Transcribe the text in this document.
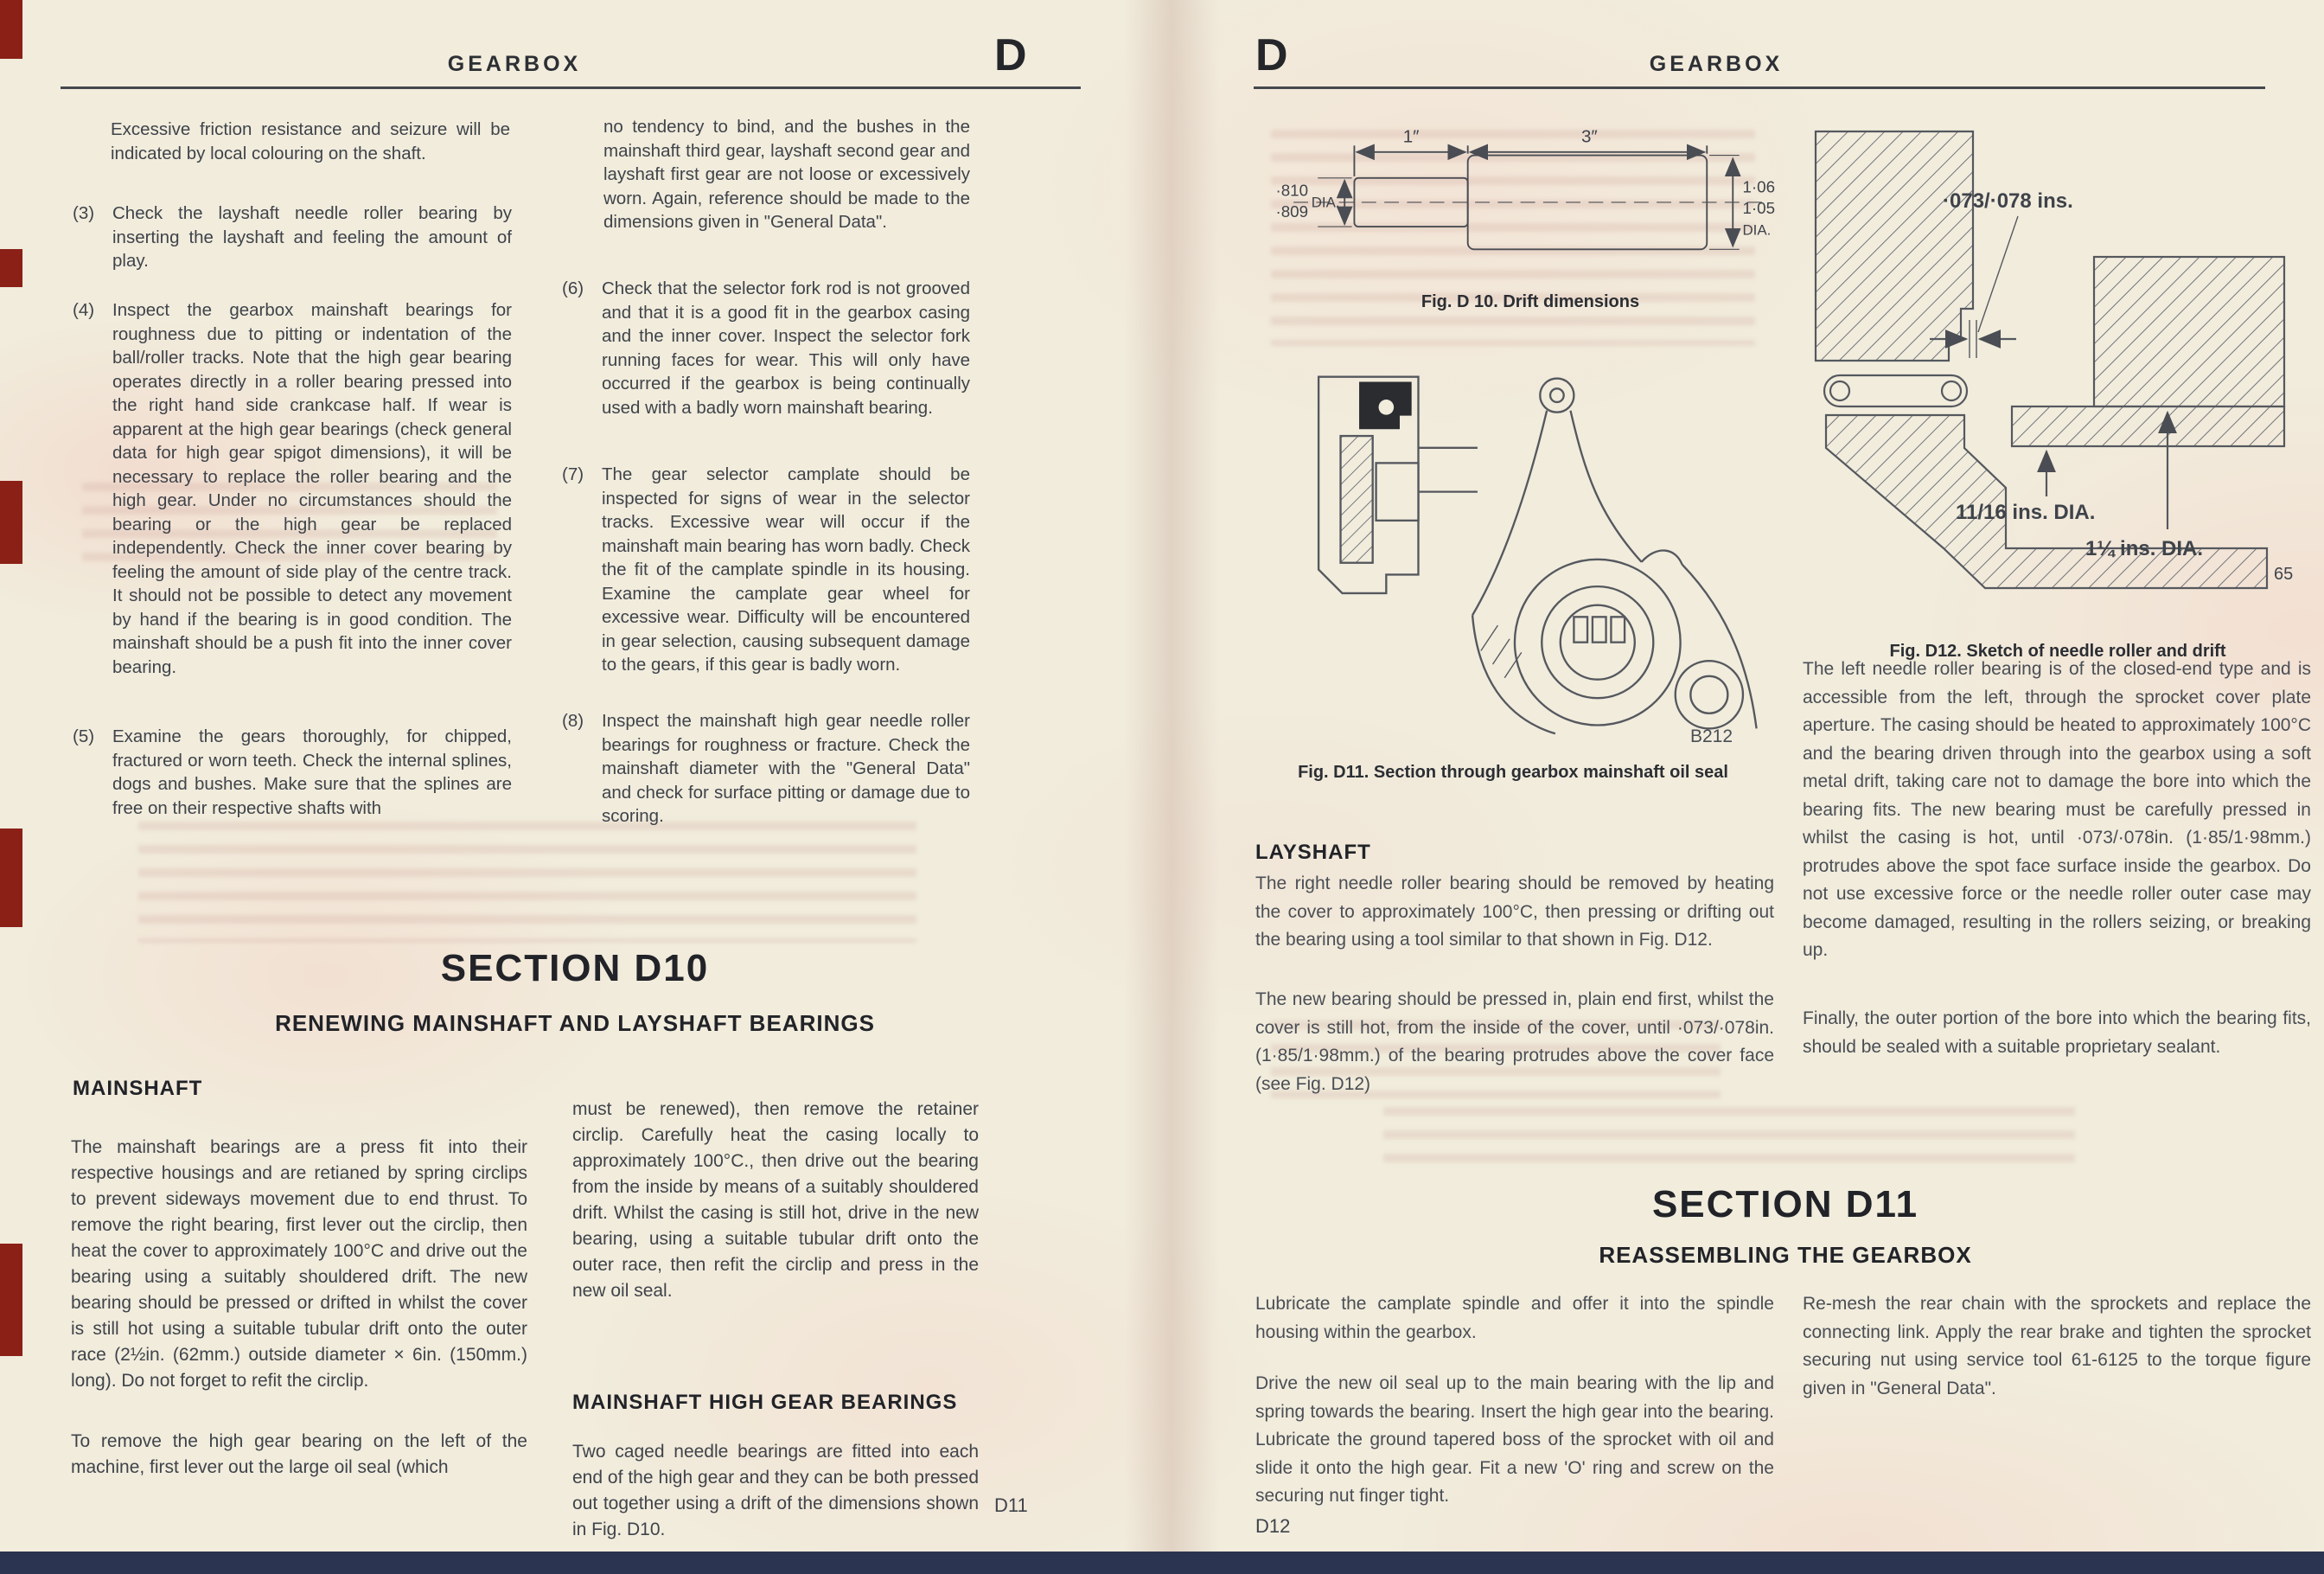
GEARBOX	D
Excessive friction resistance and seizure will be indicated by local colouring on the shaft.
(3)	Check the layshaft needle roller bearing by inserting the layshaft and feeling the amount of play.
(4)	Inspect the gearbox mainshaft bearings for roughness due to pitting or indentation of the ball/roller tracks. Note that the high gear bearing operates directly in a roller bearing pressed into the right hand side crankcase half. If wear is apparent at the high gear bearings (check general data for high gear spigot dimensions), it will be necessary to replace the roller bearing and the high gear. Under no circumstances should the bearing or the high gear be replaced independently. Check the inner cover bearing by feeling the amount of side play of the centre track. It should not be possible to detect any movement by hand if the bearing is in good condition. The mainshaft should be a push fit into the inner cover bearing.
(5)	Examine the gears thoroughly, for chipped, fractured or worn teeth. Check the internal splines, dogs and bushes. Make sure that the splines are free on their respective shafts with
no tendency to bind, and the bushes in the mainshaft third gear, layshaft second gear and layshaft first gear are not loose or excessively worn. Again, reference should be made to the dimensions given in "General Data".
(6)	Check that the selector fork rod is not grooved and that it is a good fit in the gearbox casing and the inner cover. Inspect the selector fork running faces for wear. This will only have occurred if the gearbox is being continually used with a badly worn mainshaft bearing.
(7)	The gear selector camplate should be inspected for signs of wear in the selector tracks. Excessive wear will occur if the mainshaft main bearing has worn badly. Check the fit of the camplate spindle in its housing. Examine the camplate gear wheel for excessive wear. Difficulty will be encountered in gear selection, causing subsequent damage to the gears, if this gear is badly worn.
(8)	Inspect the mainshaft high gear needle roller bearings for roughness or fracture. Check the mainshaft diameter with the "General Data" and check for surface pitting or damage due to scoring.
SECTION D10
RENEWING MAINSHAFT AND LAYSHAFT BEARINGS
MAINSHAFT
The mainshaft bearings are a press fit into their respective housings and are retianed by spring circlips to prevent sideways movement due to end thrust. To remove the right bearing, first lever out the circlip, then heat the cover to approximately 100°C and drive out the bearing using a suitably shouldered drift. The new bearing should be pressed or drifted in whilst the cover is still hot using a suitable tubular drift onto the outer race (2½in. (62mm.) outside diameter × 6in. (150mm.) long). Do not forget to refit the circlip.
To remove the high gear bearing on the left of the machine, first lever out the large oil seal (which
must be renewed), then remove the retainer circlip. Carefully heat the casing locally to approximately 100°C., then drive out the bearing from the inside by means of a suitably shouldered drift. Whilst the casing is still hot, drive in the new bearing, using a suitable tubular drift onto the outer race, then refit the circlip and press in the new oil seal.
MAINSHAFT HIGH GEAR BEARINGS
Two caged needle bearings are fitted into each end of the high gear and they can be both pressed out together using a drift of the dimensions shown in Fig. D10.
D11
D	GEARBOX
1″	3″
·810
·809 DIA.
1·06
1·05
DIA.
Fig. D 10. Drift dimensions
·073/·078 ins.
11/16 ins. DIA.
1¼ ins. DIA.
65
Fig. D12. Sketch of needle roller and drift
B212
Fig. D11. Section through gearbox mainshaft oil seal
LAYSHAFT
The right needle roller bearing should be removed by heating the cover to approximately 100°C, then pressing or drifting out the bearing using a tool similar to that shown in Fig. D12.
The new bearing should be pressed in, plain end first, whilst the cover is still hot, from the inside of the cover, until ·073/·078in. (1·85/1·98mm.) of the bearing protrudes above the cover face (see Fig. D12)
The left needle roller bearing is of the closed-end type and is accessible from the left, through the sprocket cover plate aperture. The casing should be heated to approximately 100°C and the bearing driven through into the gearbox using a soft metal drift, taking care not to damage the bore into which the bearing fits. The new bearing must be carefully pressed in whilst the casing is hot, until ·073/·078in. (1·85/1·98mm.) protrudes above the spot face surface inside the gearbox. Do not use excessive force or the needle roller outer case may become damaged, resulting in the rollers seizing, or breaking up.
Finally, the outer portion of the bore into which the bearing fits, should be sealed with a suitable proprietary sealant.
SECTION D11
REASSEMBLING THE GEARBOX
Lubricate the camplate spindle and offer it into the spindle housing within the gearbox.
Drive the new oil seal up to the main bearing with the lip and spring towards the bearing. Insert the high gear into the bearing. Lubricate the ground tapered boss of the sprocket with oil and slide it onto the high gear. Fit a new 'O' ring and screw on the securing nut finger tight.
Re-mesh the rear chain with the sprockets and replace the connecting link. Apply the rear brake and tighten the sprocket securing nut using service tool 61-6125 to the torque figure given in "General Data".
D12
